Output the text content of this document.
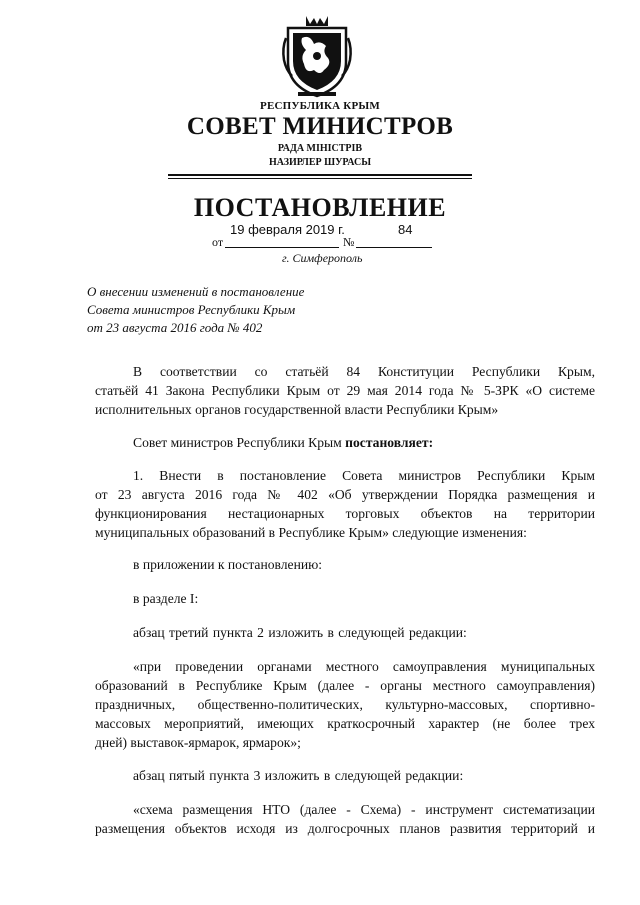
РЕСПУБЛИКА КРЫМ
СОВЕТ МИНИСТРОВ
РАДА МІНІСТРІВ
НАЗИРЛЕР ШУРАСЫ
ПОСТАНОВЛЕНИЕ
от
19 февраля 2019 г.
№
84
г. Симферополь
О внесении изменений в постановление
Совета министров Республики Крым
от 23 августа 2016 года № 402
В соответствии со статьёй 84 Конституции Республики Крым,
статьёй 41 Закона Республики Крым от 29 мая 2014 года № 5-ЗРК «О системе
исполнительных органов государственной власти Республики Крым»
Совет министров Республики Крым постановляет:
1. Внести в постановление Совета министров Республики Крым
от 23 августа 2016 года № 402 «Об утверждении Порядка размещения и
функционирования нестационарных торговых объектов на территории
муниципальных образований в Республике Крым» следующие изменения:
в приложении к постановлению:
в разделе I:
абзац третий пункта 2 изложить в следующей редакции:
«при проведении органами местного самоуправления муниципальных
образований в Республике Крым (далее - органы местного самоуправления)
праздничных, общественно-политических, культурно-массовых, спортивно-
массовых мероприятий, имеющих краткосрочный характер (не более трех
дней) выставок-ярмарок, ярмарок»;
абзац пятый пункта 3 изложить в следующей редакции:
«схема размещения НТО (далее - Схема) - инструмент систематизации
размещения объектов исходя из долгосрочных планов развития территорий и
